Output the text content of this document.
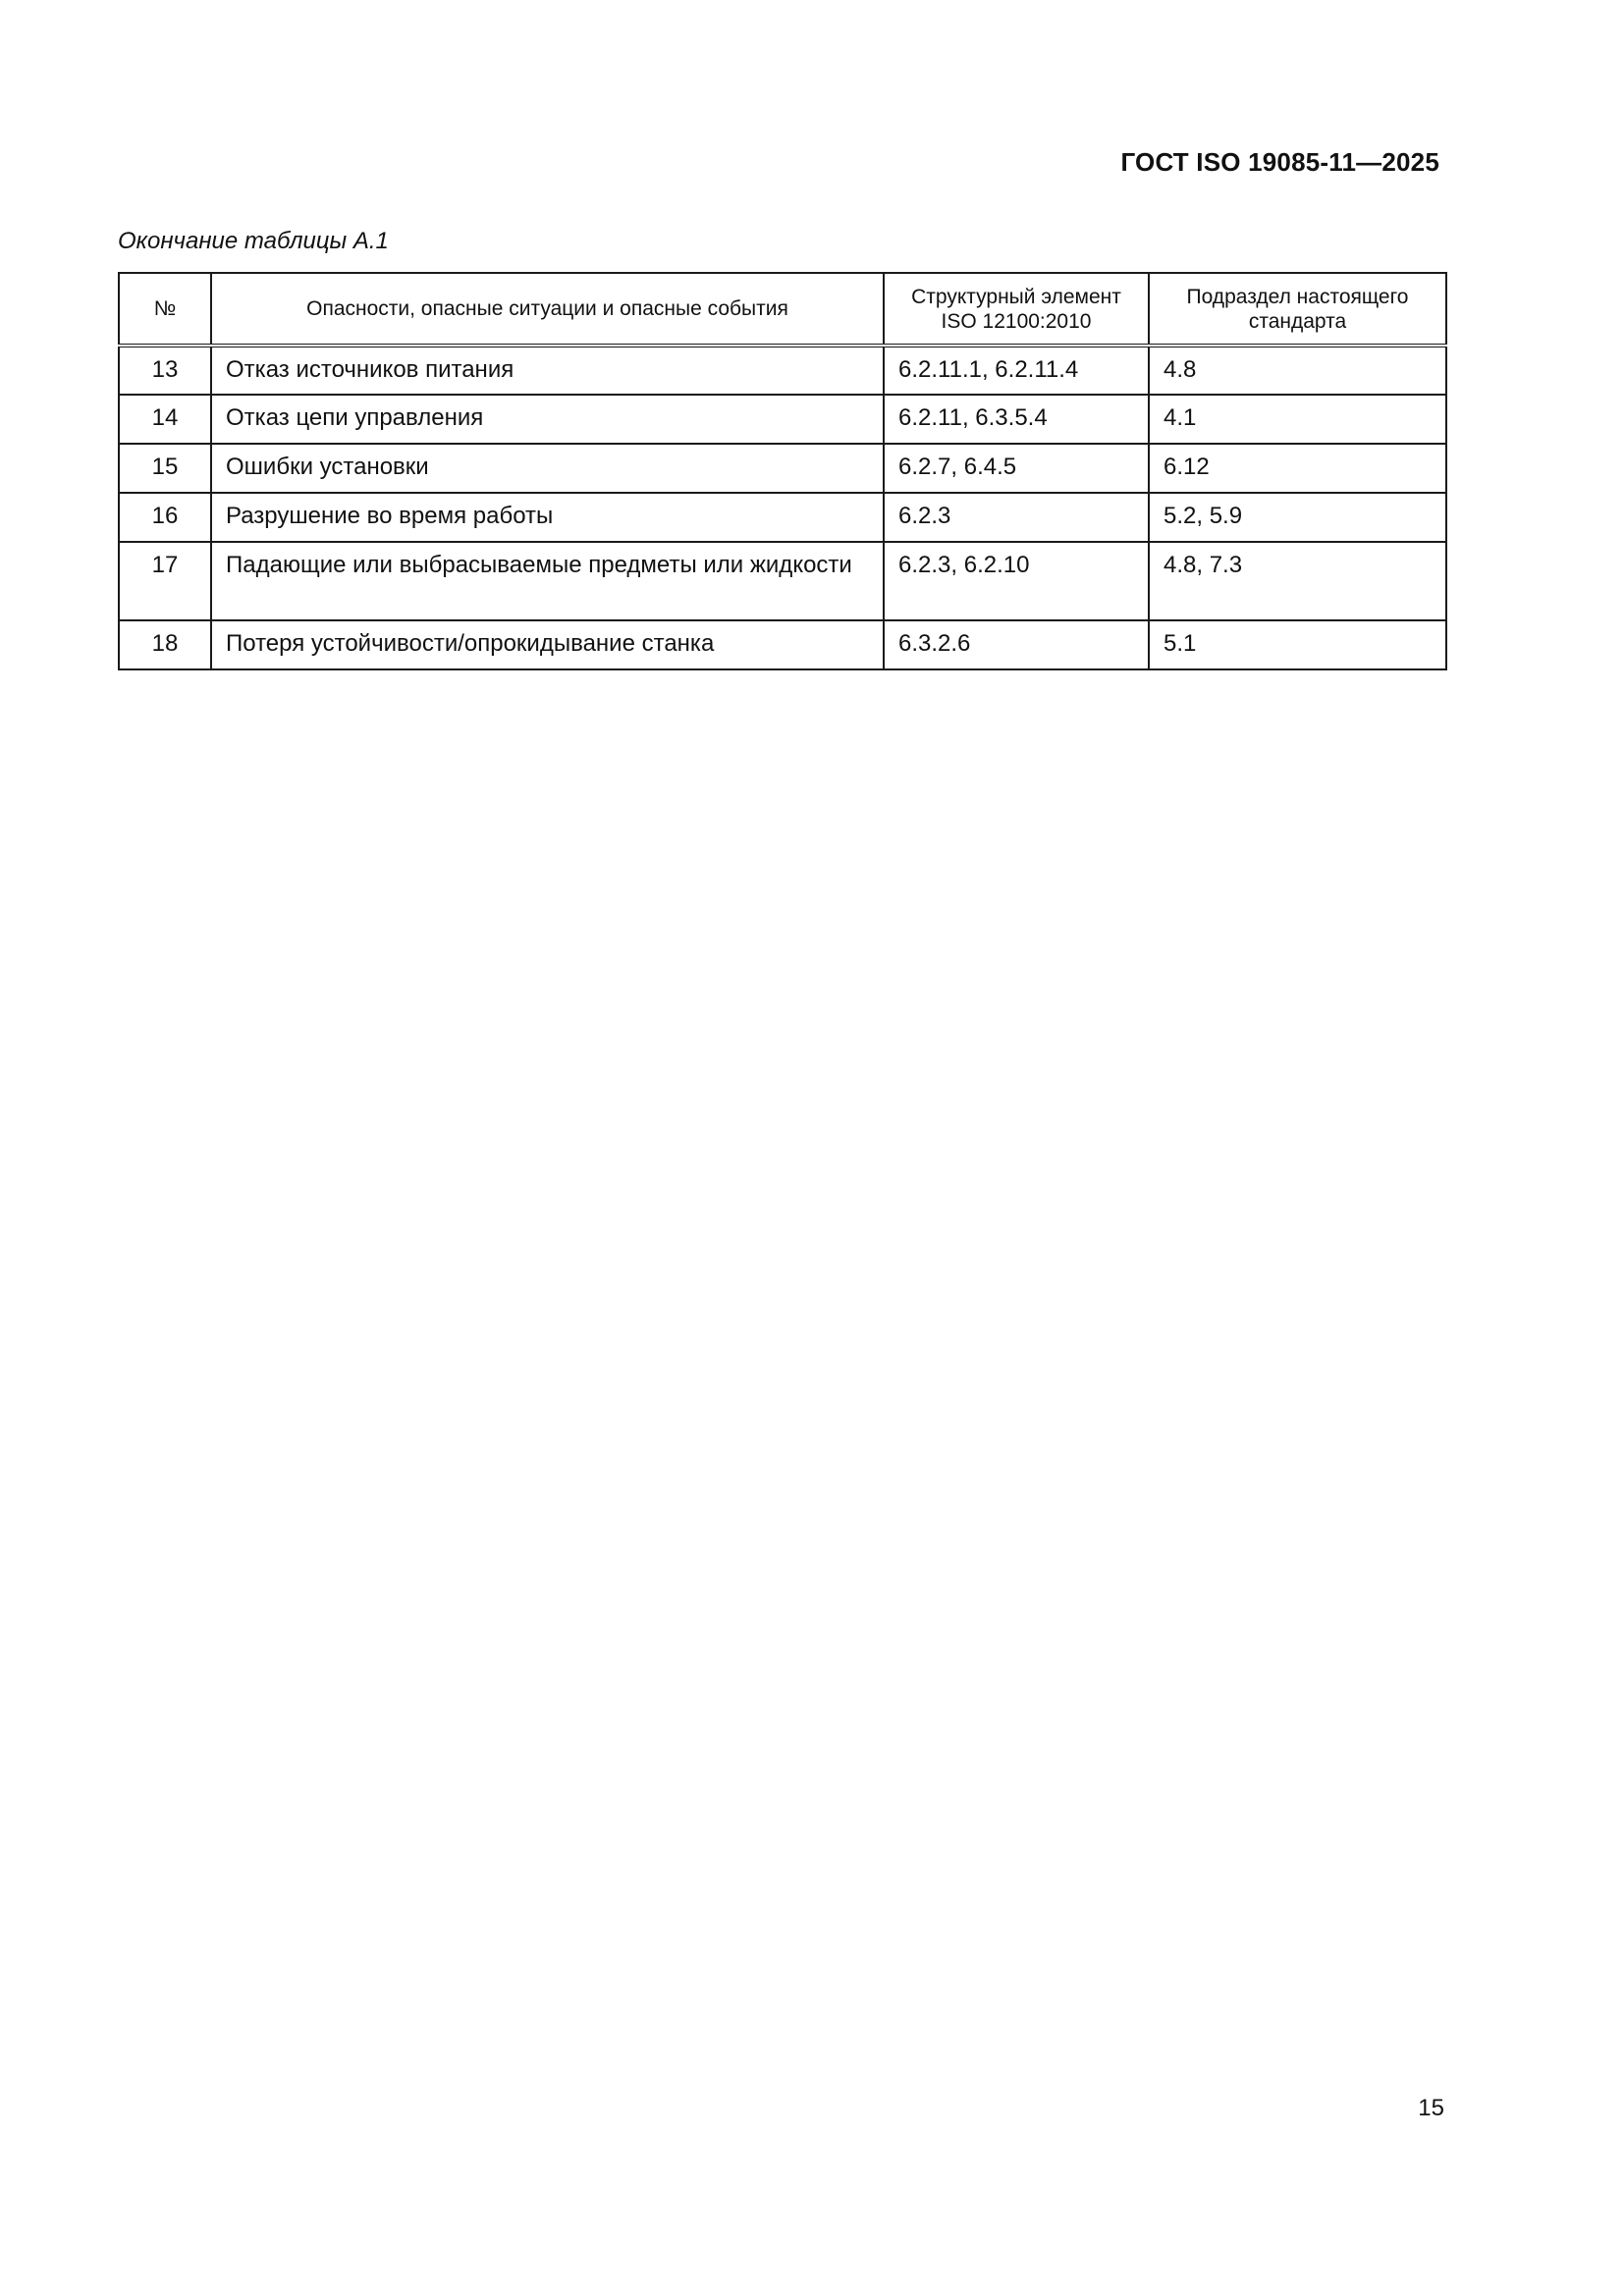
ГОСТ ISO 19085-11—2025
Окончание таблицы А.1
№	Опасности, опасные ситуации и опасные события	Структурный элемент ISO 12100:2010	Подраздел настоящего стандарта
13	Отказ источников питания	6.2.11.1, 6.2.11.4	4.8
14	Отказ цепи управления	6.2.11, 6.3.5.4	4.1
15	Ошибки установки	6.2.7, 6.4.5	6.12
16	Разрушение во время работы	6.2.3	5.2, 5.9
17	Падающие или выбрасываемые предметы или жидкости	6.2.3, 6.2.10	4.8, 7.3
18	Потеря устойчивости/опрокидывание станка	6.3.2.6	5.1
15
